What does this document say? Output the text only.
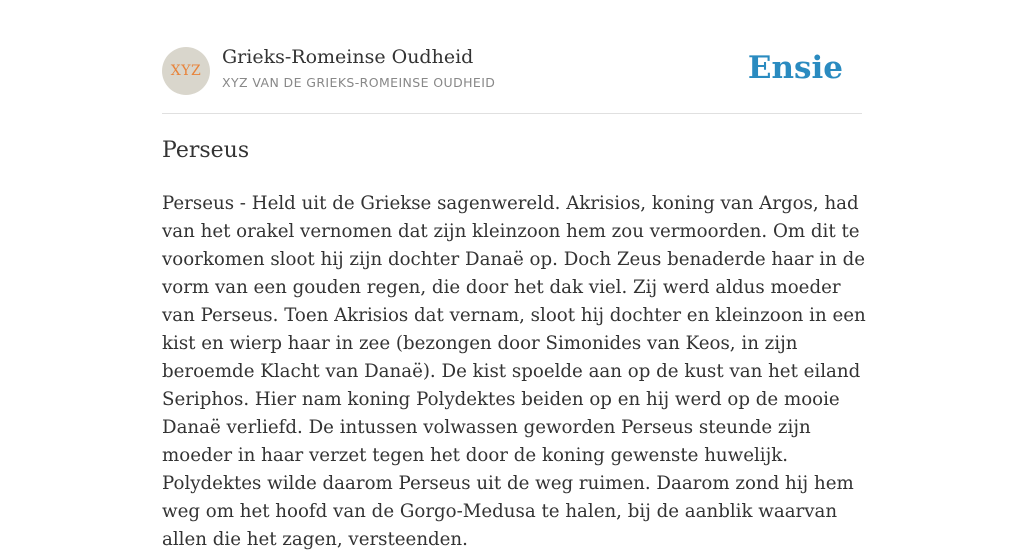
XYZ
Grieks-Romeinse Oudheid
XYZ VAN DE GRIEKS-ROMEINSE OUDHEID	Ensie
Perseus

Perseus - Held uit de Griekse sagenwereld. Akrisios, koning van Argos, had van het orakel vernomen dat zijn kleinzoon hem zou vermoorden. Om dit te voorkomen sloot hij zijn dochter Danaë op. Doch Zeus benaderde haar in de vorm van een gouden regen, die door het dak viel. Zij werd aldus moeder van Perseus. Toen Akrisios dat vernam, sloot hij dochter en kleinzoon in een kist en wierp haar in zee (bezongen door Simonides van Keos, in zijn beroemde Klacht van Danaë). De kist spoelde aan op de kust van het eiland Seriphos. Hier nam koning Polydektes beiden op en hij werd op de mooie Danaë verliefd. De intussen volwassen geworden Perseus steunde zijn moeder in haar verzet tegen het door de koning gewenste huwelijk. Polydektes wilde daarom Perseus uit de weg ruimen. Daarom zond hij hem weg om het hoofd van de Gorgo-Medusa te halen, bij de aanblik waarvan allen die het zagen, versteenden.
